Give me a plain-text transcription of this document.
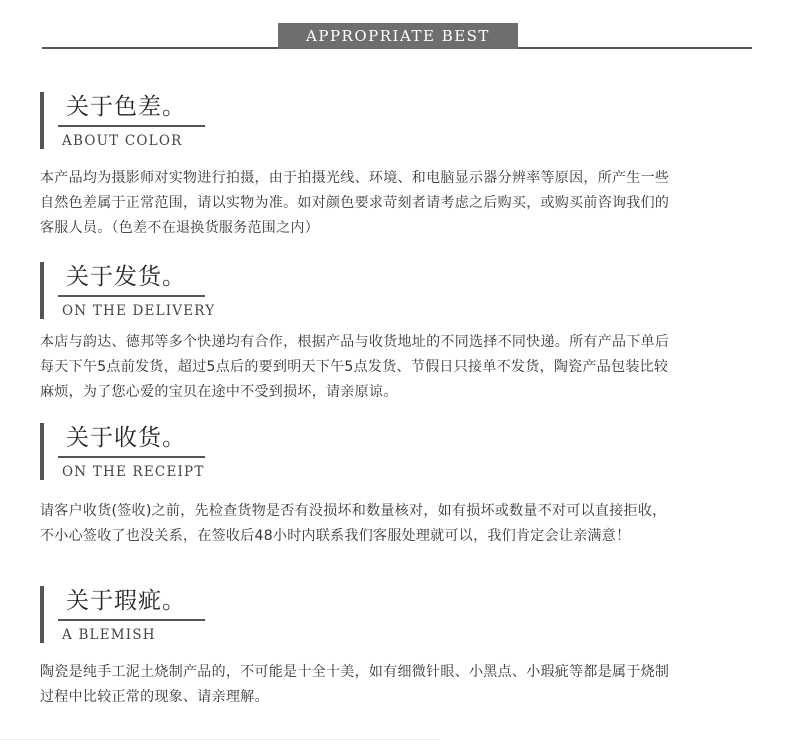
APPROPRIATE BEST
关于色差。
ABOUT COLOR

本产品均为摄影师对实物进行拍摄，由于拍摄光线、环境、和电脑显示器分辨率等原因，所产生一些

自然色差属于正常范围，请以实物为准。如对颜色要求苛刻者请考虑之后购买，或购买前咨询我们的

客服人员。（色差不在退换货服务范围之内）

关于发货。
ON THE DELIVERY

本店与韵达、德邦等多个快递均有合作，根据产品与收货地址的不同选择不同快递。所有产品下单后

每天下午5点前发货，超过5点后的要到明天下午5点发货、节假日只接单不发货，陶瓷产品包装比较

麻烦，为了您心爱的宝贝在途中不受到损坏，请亲原谅。

关于收货。
ON THE RECEIPT

请客户收货(签收)之前，先检查货物是否有没损坏和数量核对，如有损坏或数量不对可以直接拒收，

不小心签收了也没关系，在签收后48小时内联系我们客服处理就可以，我们肯定会让亲满意！

关于瑕疵。
A BLEMISH

陶瓷是纯手工泥土烧制产品的，不可能是十全十美，如有细微针眼、小黑点、小瑕疵等都是属于烧制

过程中比较正常的现象、请亲理解。
